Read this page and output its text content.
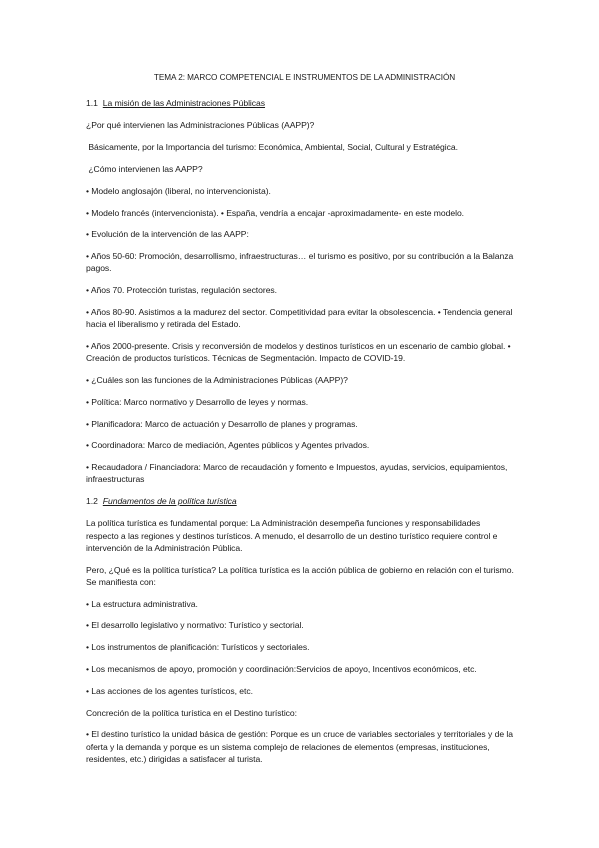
TEMA 2: MARCO COMPETENCIAL E INSTRUMENTOS DE LA ADMINISTRACIÓN
1.1 La misión de las Administraciones Públicas

¿Por qué intervienen las Administraciones Públicas (AAPP)?

Básicamente, por la Importancia del turismo: Económica, Ambiental, Social, Cultural y Estratégica.

¿Cómo intervienen las AAPP?

• Modelo anglosajón (liberal, no intervencionista).

• Modelo francés (intervencionista). • España, vendría a encajar -aproximadamente- en este modelo.

• Evolución de la intervención de las AAPP:

• Años 50-60: Promoción, desarrollismo, infraestructuras… el turismo es positivo, por su contribución a la Balanza pagos.

• Años 70. Protección turistas, regulación sectores.

• Años 80-90. Asistimos a la madurez del sector. Competitividad para evitar la obsolescencia. • Tendencia general hacia el liberalismo y retirada del Estado.

• Años 2000-presente. Crisis y reconversión de modelos y destinos turísticos en un escenario de cambio global. • Creación de productos turísticos. Técnicas de Segmentación. Impacto de COVID-19.

• ¿Cuáles son las funciones de la Administraciones Públicas (AAPP)?

• Política: Marco normativo y Desarrollo de leyes y normas.

• Planificadora: Marco de actuación y Desarrollo de planes y programas.

• Coordinadora: Marco de mediación, Agentes públicos y Agentes privados.

• Recaudadora / Financiadora: Marco de recaudación y fomento e Impuestos, ayudas, servicios, equipamientos, infraestructuras

1.2 Fundamentos de la política turística

La política turística es fundamental porque: La Administración desempeña funciones y responsabilidades respecto a las regiones y destinos turísticos. A menudo, el desarrollo de un destino turístico requiere control e intervención de la Administración Pública.

Pero, ¿Qué es la política turística? La política turística es la acción pública de gobierno en relación con el turismo. Se manifiesta con:

• La estructura administrativa.

• El desarrollo legislativo y normativo: Turístico y sectorial.

• Los instrumentos de planificación: Turísticos y sectoriales.

• Los mecanismos de apoyo, promoción y coordinación:Servicios de apoyo, Incentivos económicos, etc.

• Las acciones de los agentes turísticos, etc.

Concreción de la política turística en el Destino turístico:

• El destino turístico la unidad básica de gestión: Porque es un cruce de variables sectoriales y territoriales y de la oferta y la demanda y porque es un sistema complejo de relaciones de elementos (empresas, instituciones, residentes, etc.) dirigidas a satisfacer al turista.
